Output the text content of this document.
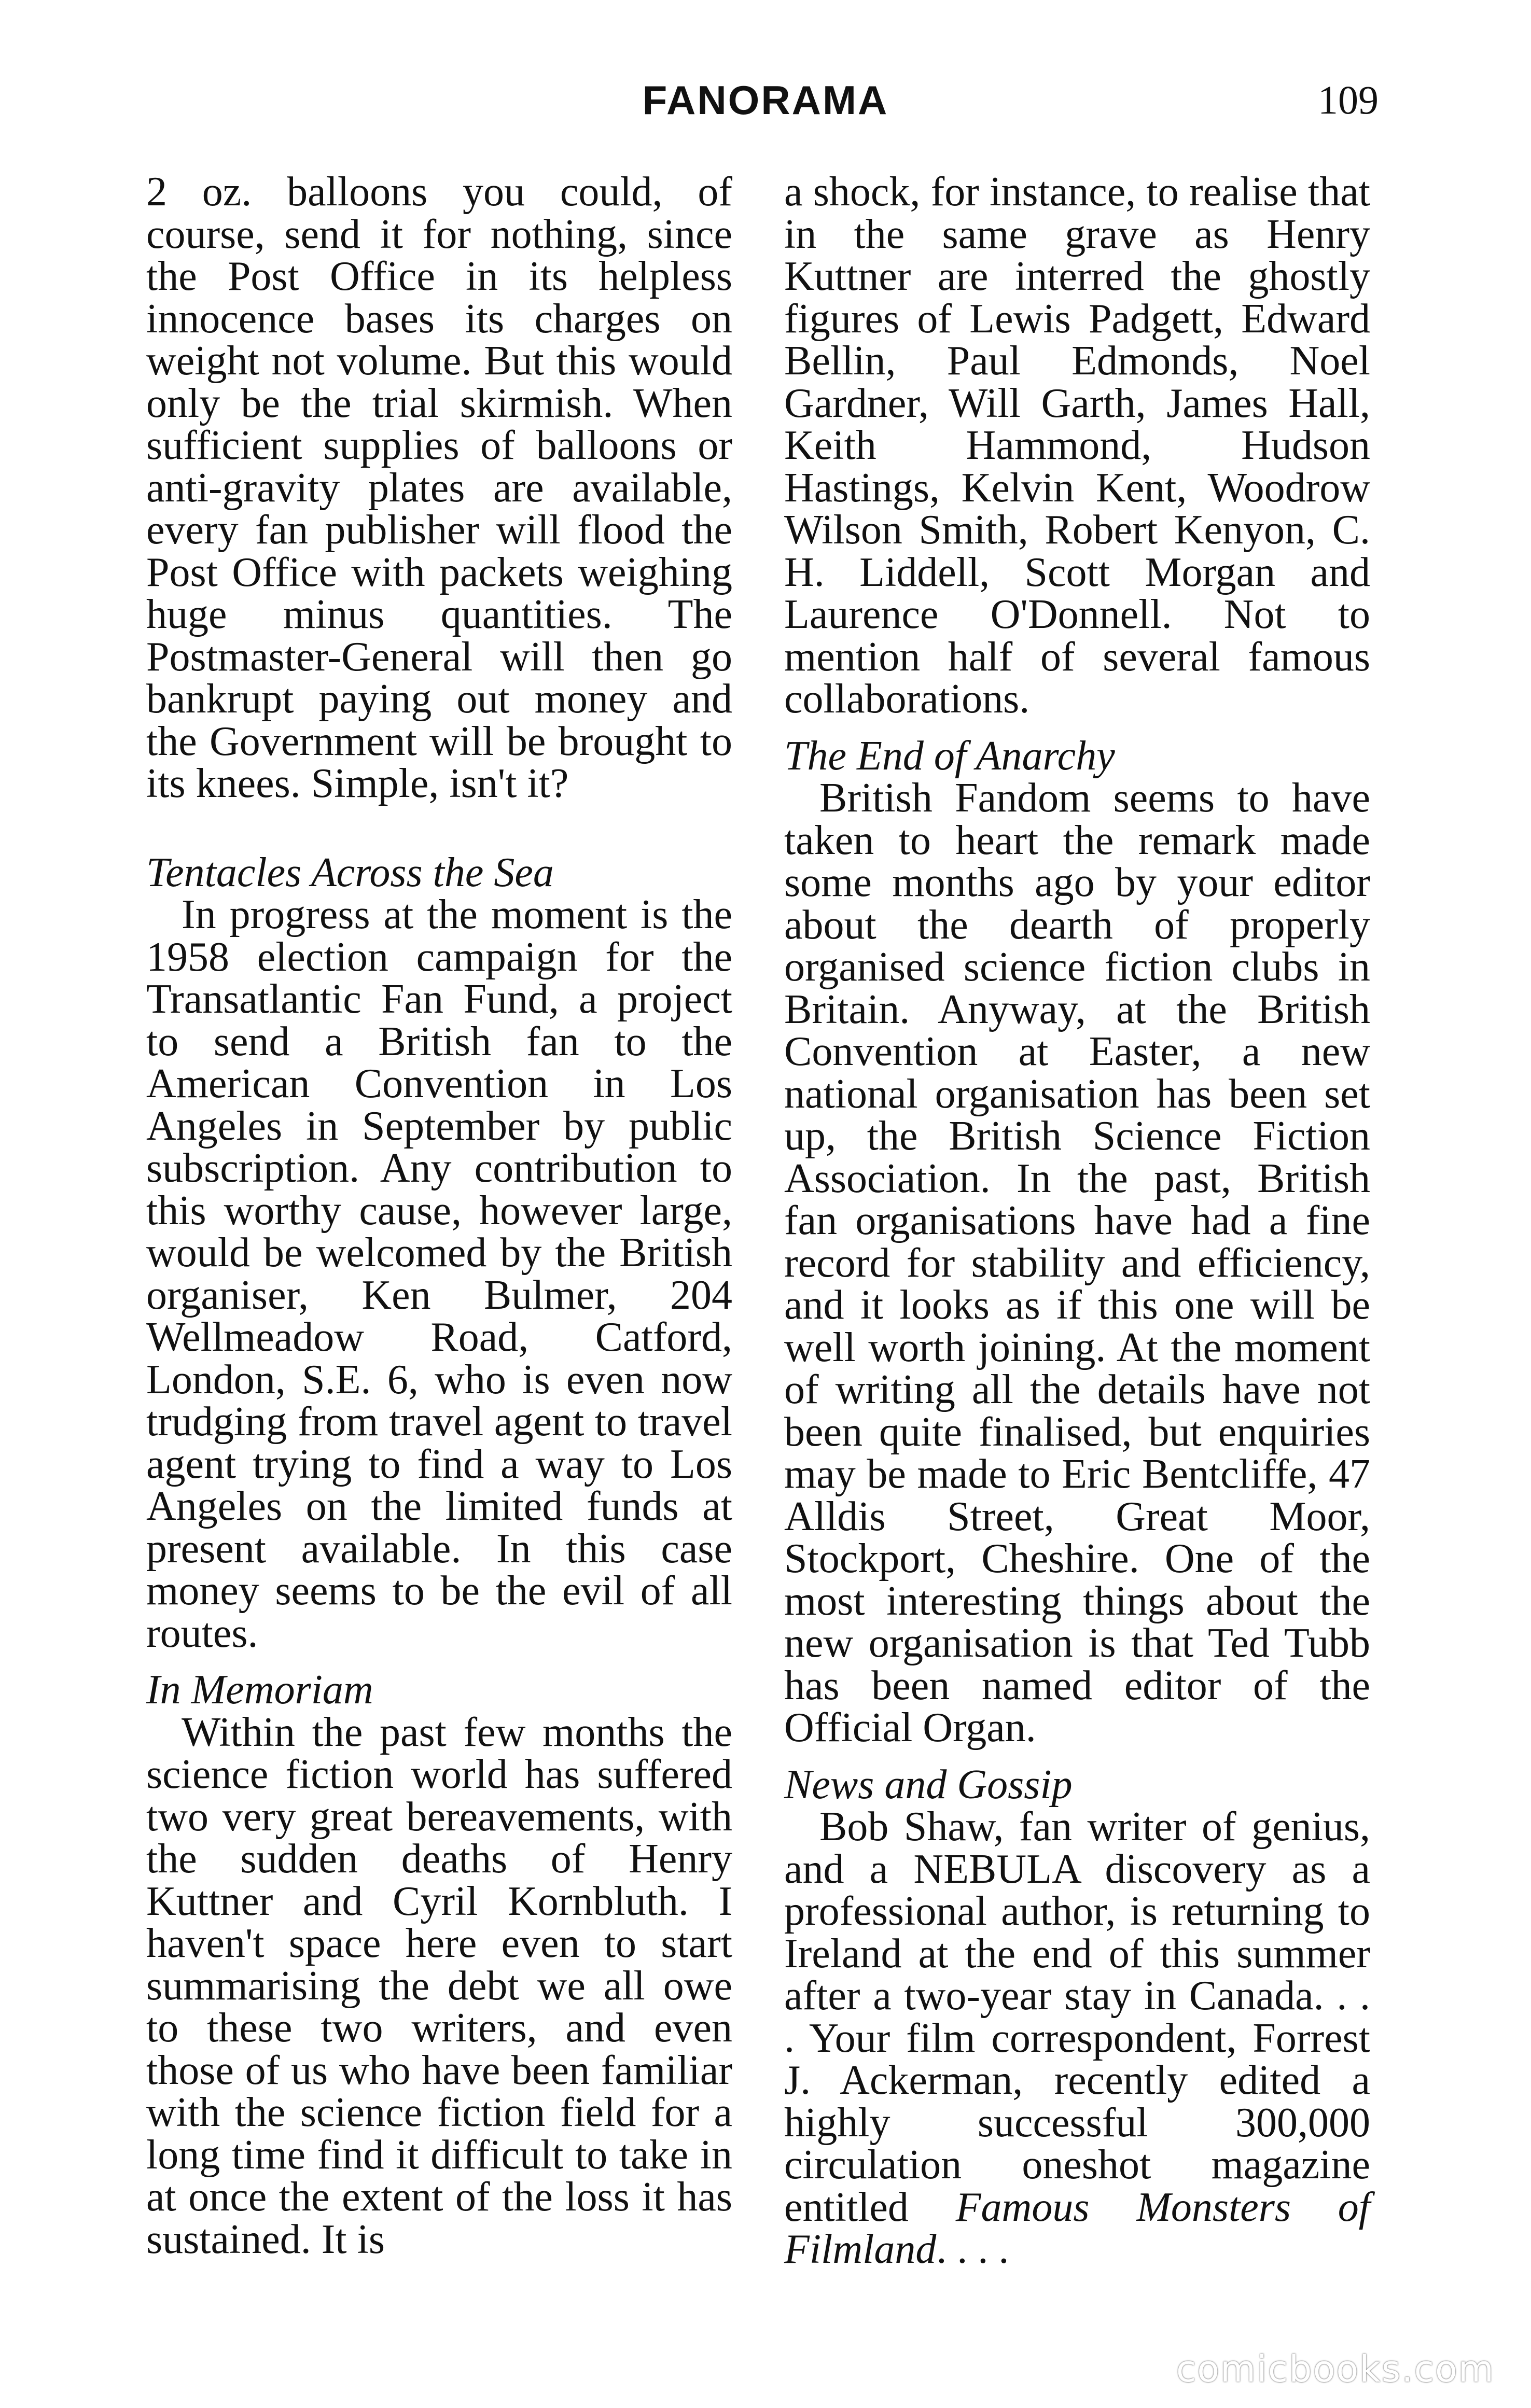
FANORAMA	109

2 oz. balloons you could, of course, send it for nothing, since the Post Office in its helpless innocence bases its charges on weight not volume. But this would only be the trial skirmish. When sufficient supplies of balloons or anti-gravity plates are available, every fan publisher will flood the Post Office with packets weighing huge minus quantities. The Postmaster-General will then go bankrupt paying out money and the Government will be brought to its knees. Simple, isn't it?

Tentacles Across the Sea

In progress at the moment is the 1958 election campaign for the Transatlantic Fan Fund, a project to send a British fan to the American Convention in Los Angeles in September by public subscription. Any contribution to this worthy cause, however large, would be welcomed by the British organiser, Ken Bulmer, 204 Wellmeadow Road, Catford, London, S.E. 6, who is even now trudging from travel agent to travel agent trying to find a way to Los Angeles on the limited funds at present available. In this case money seems to be the evil of all routes.

In Memoriam

Within the past few months the science fiction world has suffered two very great bereavements, with the sudden deaths of Henry Kuttner and Cyril Kornbluth. I haven't space here even to start summarising the debt we all owe to these two writers, and even those of us who have been familiar with the science fiction field for a long time find it difficult to take in at once the extent of the loss it has sustained. It is

a shock, for instance, to realise that in the same grave as Henry Kuttner are interred the ghostly figures of Lewis Padgett, Edward Bellin, Paul Edmonds, Noel Gardner, Will Garth, James Hall, Keith Hammond, Hudson Hastings, Kelvin Kent, Woodrow Wilson Smith, Robert Kenyon, C. H. Liddell, Scott Morgan and Laurence O'Donnell. Not to mention half of several famous collaborations.

The End of Anarchy

British Fandom seems to have taken to heart the remark made some months ago by your editor about the dearth of properly organised science fiction clubs in Britain. Anyway, at the British Convention at Easter, a new national organisation has been set up, the British Science Fiction Association. In the past, British fan organisations have had a fine record for stability and efficiency, and it looks as if this one will be well worth joining. At the moment of writing all the details have not been quite finalised, but enquiries may be made to Eric Bentcliffe, 47 Alldis Street, Great Moor, Stockport, Cheshire. One of the most interesting things about the new organisation is that Ted Tubb has been named editor of the Official Organ.

News and Gossip

Bob Shaw, fan writer of genius, and a NEBULA discovery as a professional author, is returning to Ireland at the end of this summer after a two-year stay in Canada. . . . Your film correspondent, Forrest J. Ackerman, recently edited a highly successful 300,000 circulation oneshot magazine entitled Famous Monsters of Filmland. . . .

comicbooks.com
